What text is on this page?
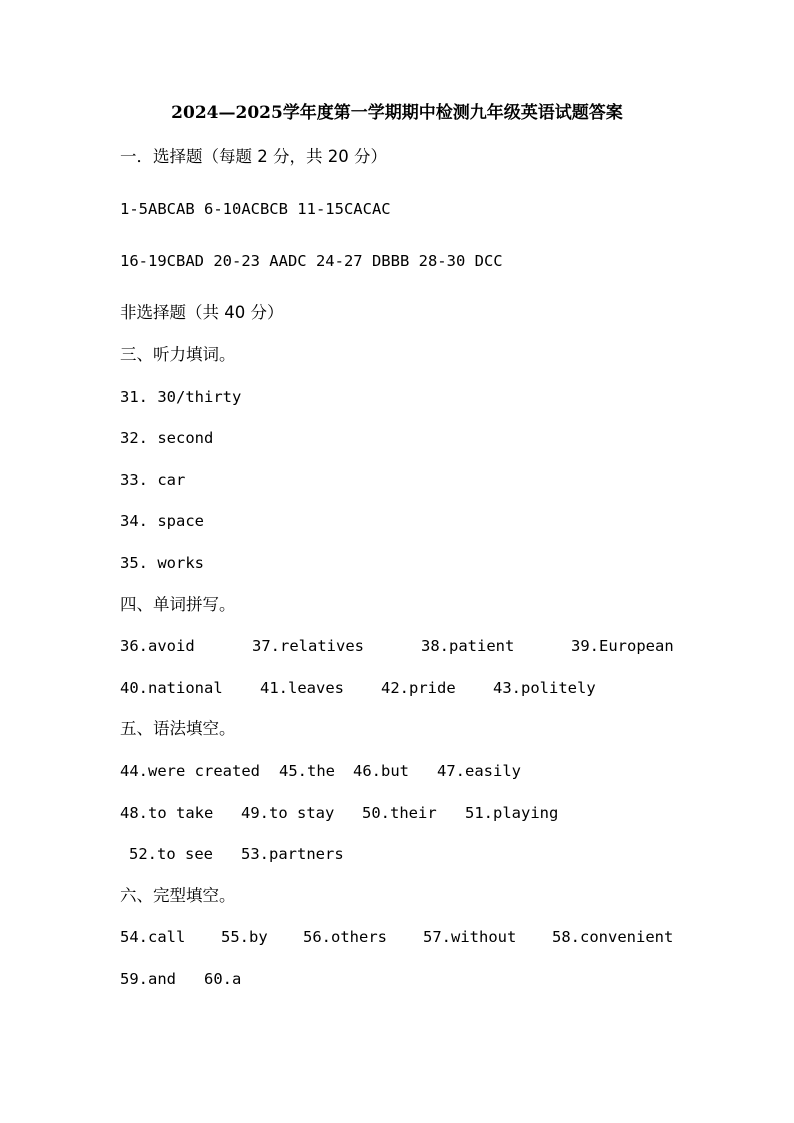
2024—2025学年度第一学期期中检测九年级英语试题答案
一．选择题（每题 2 分，共 20 分）
1-5ABCAB 6-10ACBCB 11-15CACAC
16-19CBAD 20-23 AADC 24-27 DBBB 28-30 DCC
非选择题（共 40 分）
三、听力填词。
31. 30/thirty
32. second
33. car
34. space
35. works
四、单词拼写。
36.avoid	37.relatives	38.patient	39.European
40.national 41.leaves 42.pride 43.politely
五、语法填空。
44.were created 45.the 46.but 47.easily
48.to take 49.to stay 50.their 51.playing
52.to see 53.partners
六、完型填空。
54.call 55.by 56.others 57.without 58.convenient
59.and 60.a
